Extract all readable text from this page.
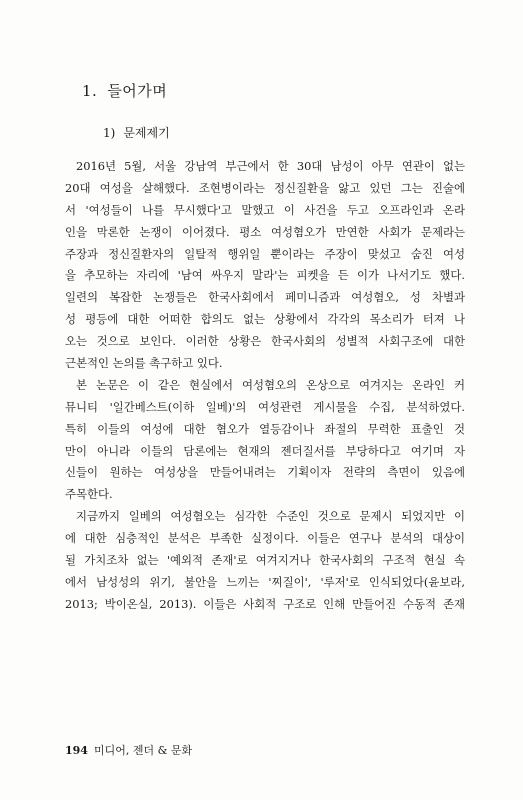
1. 들어가며
1) 문제제기
2016년 5월, 서울 강남역 부근에서 한 30대 남성이 아무 연관이 없는
20대 여성을 살해했다. 조현병이라는 정신질환을 앓고 있던 그는 진술에
서 '여성들이 나를 무시했다'고 말했고 이 사건을 두고 오프라인과 온라
인을 막론한 논쟁이 이어졌다. 평소 여성혐오가 만연한 사회가 문제라는
주장과 정신질환자의 일탈적 행위일 뿐이라는 주장이 맞섰고 숨진 여성
을 추모하는 자리에 '남여 싸우지 말라'는 피켓을 든 이가 나서기도 했다.
일련의 복잡한 논쟁들은 한국사회에서 페미니즘과 여성혐오, 성 차별과
성 평등에 대한 어떠한 합의도 없는 상황에서 각각의 목소리가 터져 나
오는 것으로 보인다. 이러한 상황은 한국사회의 성별적 사회구조에 대한
근본적인 논의를 촉구하고 있다.
본 논문은 이 같은 현실에서 여성혐오의 온상으로 여겨지는 온라인 커
뮤니티 '일간베스트(이하 일베)'의 여성관련 게시물을 수집, 분석하였다.
특히 이들의 여성에 대한 혐오가 열등감이나 좌절의 무력한 표출인 것
만이 아니라 이들의 담론에는 현재의 젠더질서를 부당하다고 여기며 자
신들이 원하는 여성상을 만들어내려는 기획이자 전략의 측면이 있음에
주목한다.
지금까지 일베의 여성혐오는 심각한 수준인 것으로 문제시 되었지만 이
에 대한 심층적인 분석은 부족한 실정이다. 이들은 연구나 분석의 대상이
될 가치조차 없는 '예외적 존재'로 여겨지거나 한국사회의 구조적 현실 속
에서 남성성의 위기, 불안을 느끼는 '찌질이', '루저'로 인식되었다(윤보라,
2013; 박이온실, 2013). 이들은 사회적 구조로 인해 만들어진 수동적 존재
194 미디어, 젠더 & 문화
